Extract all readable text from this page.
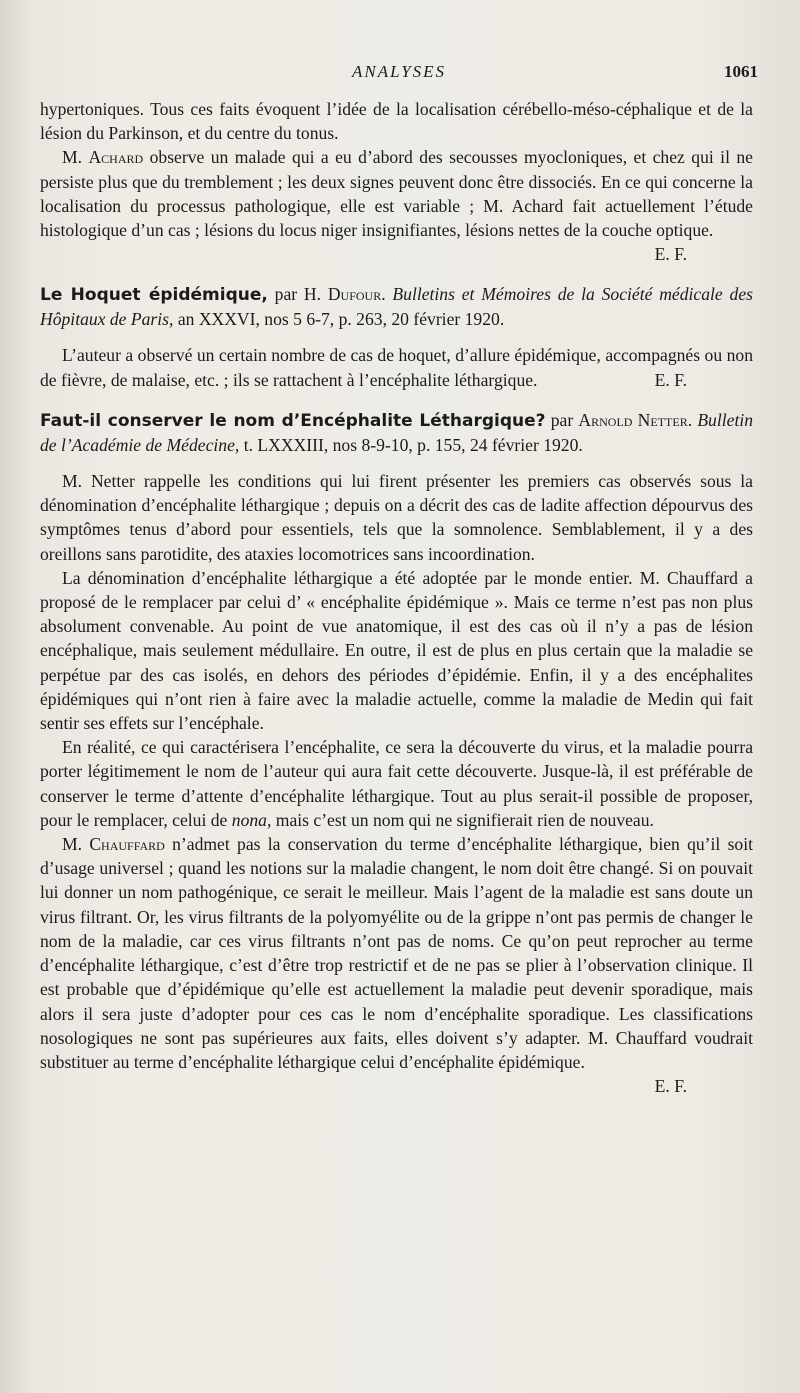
ANALYSES	1061

hypertoniques. Tous ces faits évoquent l’idée de la localisation cérébello-méso-céphalique et de la lésion du Parkinson, et du centre du tonus.

M. Achard observe un malade qui a eu d’abord des secousses myocloniques, et chez qui il ne persiste plus que du tremblement ; les deux signes peuvent donc être dissociés. En ce qui concerne la localisation du processus pathologique, elle est variable ; M. Achard fait actuellement l’étude histologique d’un cas ; lésions du locus niger insignifiantes, lésions nettes de la couche optique.

E. F.

Le Hoquet épidémique, par H. Dufour. Bulletins et Mémoires de la Société médicale des Hôpitaux de Paris, an XXXVI, nos 5 6-7, p. 263, 20 février 1920.

L’auteur a observé un certain nombre de cas de hoquet, d’allure épidémique, accompagnés ou non de fièvre, de malaise, etc. ; ils se rattachent à l’encéphalite léthargique.	E. F.

Faut-il conserver le nom d’Encéphalite Léthargique? par Arnold Netter. Bulletin de l’Académie de Médecine, t. LXXXIII, nos 8-9-10, p. 155, 24 février 1920.

M. Netter rappelle les conditions qui lui firent présenter les premiers cas observés sous la dénomination d’encéphalite léthargique ; depuis on a décrit des cas de ladite affection dépourvus des symptômes tenus d’abord pour essentiels, tels que la somnolence. Semblablement, il y a des oreillons sans parotidite, des ataxies locomotrices sans incoordination.

La dénomination d’encéphalite léthargique a été adoptée par le monde entier. M. Chauffard a proposé de le remplacer par celui d’ « encéphalite épidémique ». Mais ce terme n’est pas non plus absolument convenable. Au point de vue anatomique, il est des cas où il n’y a pas de lésion encéphalique, mais seulement médullaire. En outre, il est de plus en plus certain que la maladie se perpétue par des cas isolés, en dehors des périodes d’épidémie. Enfin, il y a des encéphalites épidémiques qui n’ont rien à faire avec la maladie actuelle, comme la maladie de Medin qui fait sentir ses effets sur l’encéphale.

En réalité, ce qui caractérisera l’encéphalite, ce sera la découverte du virus, et la maladie pourra porter légitimement le nom de l’auteur qui aura fait cette découverte. Jusque-là, il est préférable de conserver le terme d’attente d’encéphalite léthargique. Tout au plus serait-il possible de proposer, pour le remplacer, celui de nona, mais c’est un nom qui ne signifierait rien de nouveau.

M. Chauffard n’admet pas la conservation du terme d’encéphalite léthargique, bien qu’il soit d’usage universel ; quand les notions sur la maladie changent, le nom doit être changé. Si on pouvait lui donner un nom pathogénique, ce serait le meilleur. Mais l’agent de la maladie est sans doute un virus filtrant. Or, les virus filtrants de la polyomyélite ou de la grippe n’ont pas permis de changer le nom de la maladie, car ces virus filtrants n’ont pas de noms. Ce qu’on peut reprocher au terme d’encéphalite léthargique, c’est d’être trop restrictif et de ne pas se plier à l’observation clinique. Il est probable que d’épidémique qu’elle est actuellement la maladie peut devenir sporadique, mais alors il sera juste d’adopter pour ces cas le nom d’encéphalite sporadique. Les classifications nosologiques ne sont pas supérieures aux faits, elles doivent s’y adapter. M. Chauffard voudrait substituer au terme d’encéphalite léthargique celui d’encéphalite épidémique.

E. F.
